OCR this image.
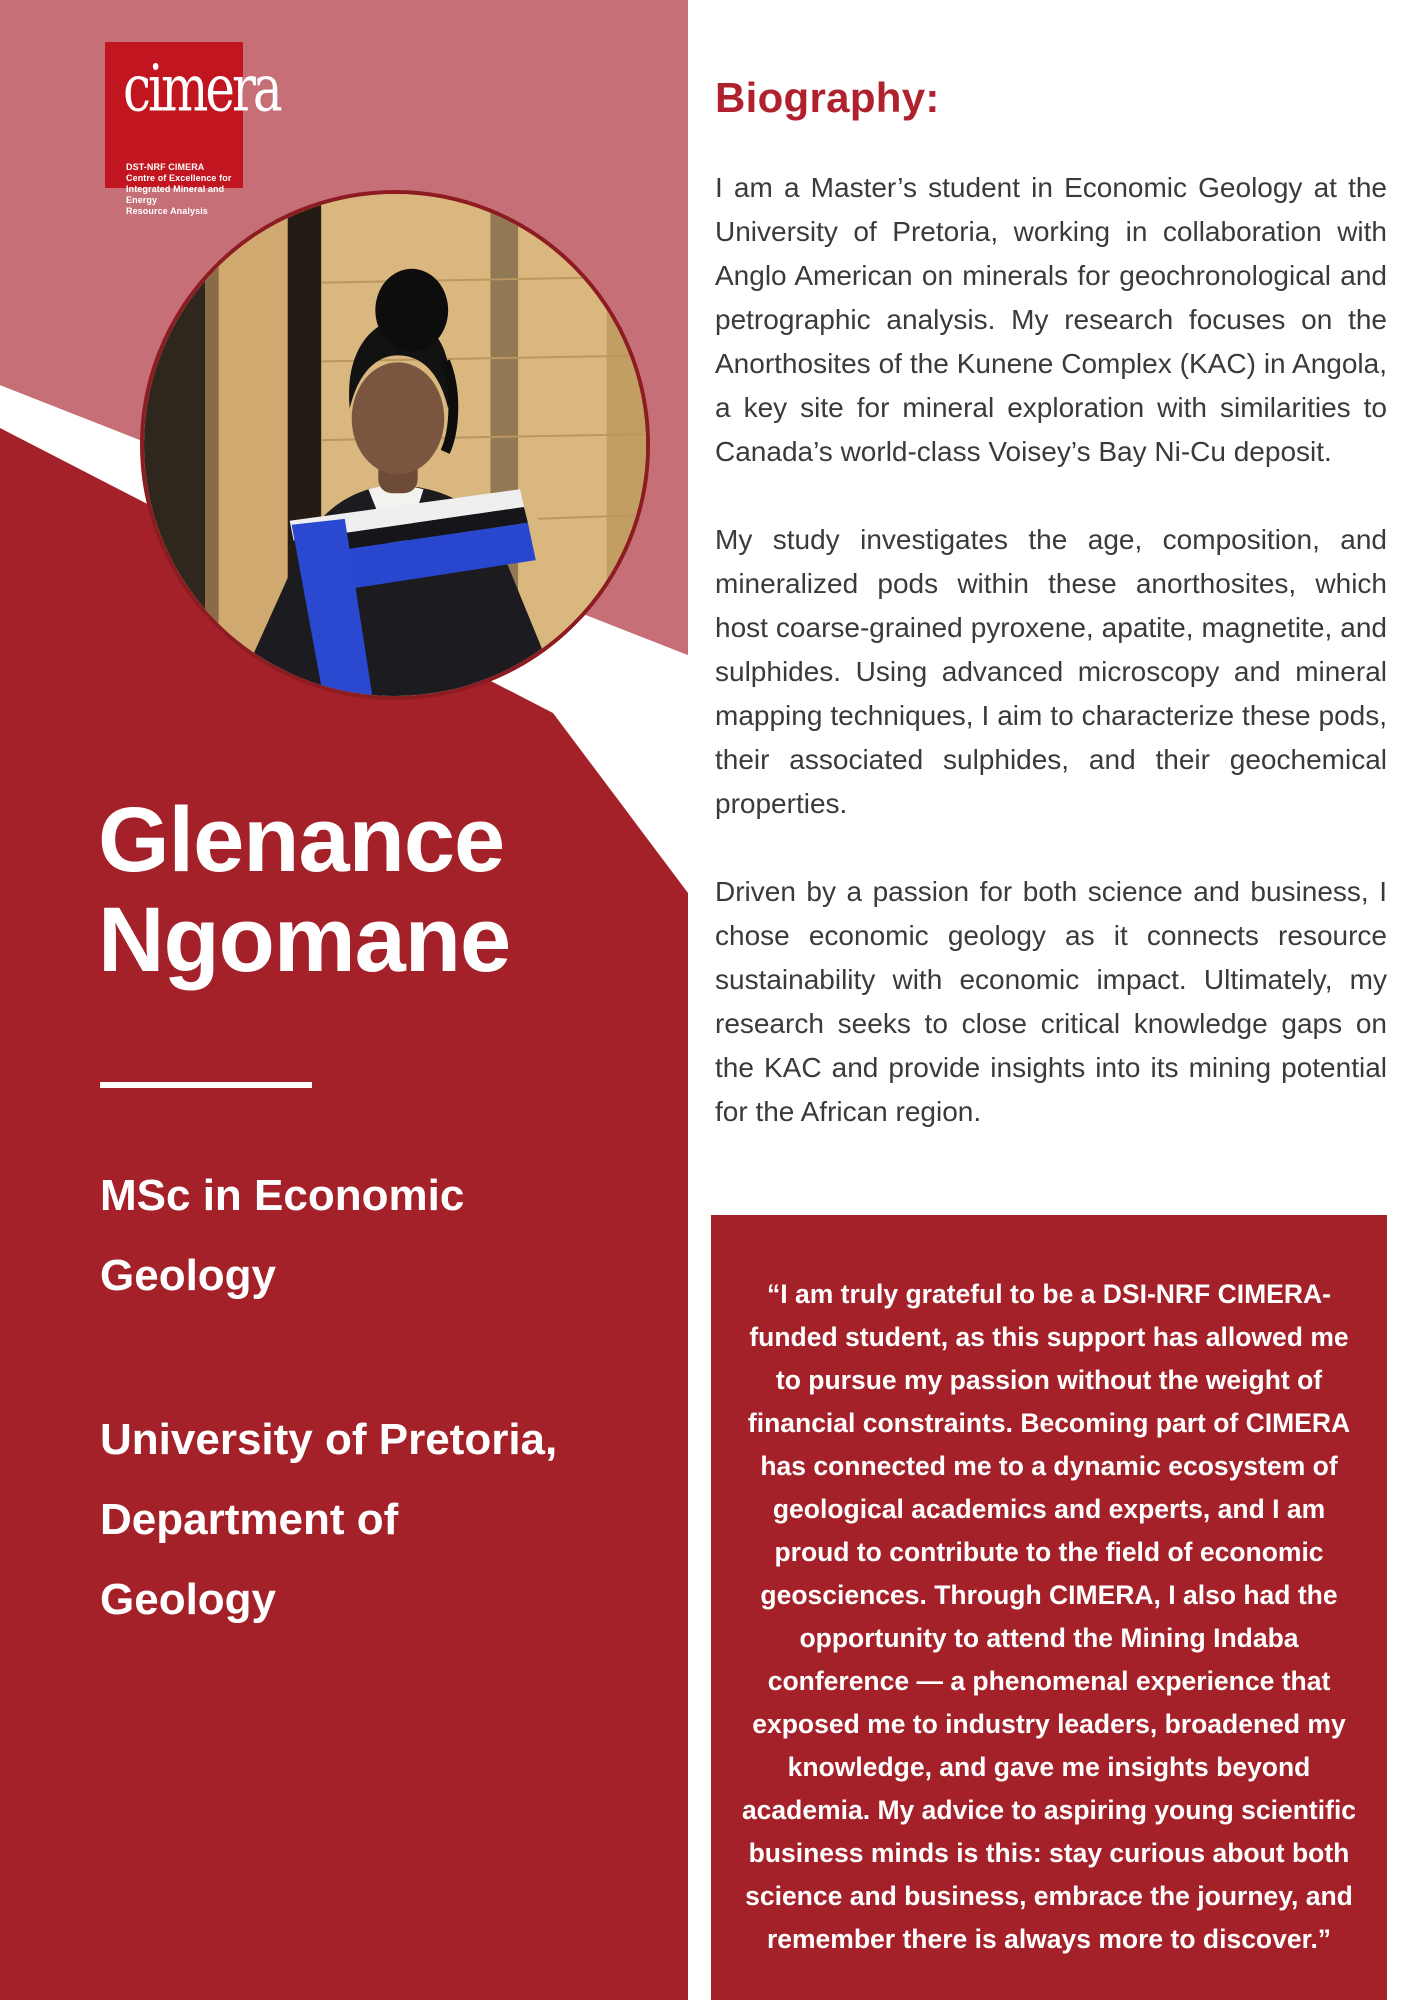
cimera
DST-NRF CIMERA
Centre of Excellence for
Integrated Mineral and Energy
Resource Analysis
Glenance
Ngomane
MSc in Economic
Geology
University of Pretoria,
Department of
Geology
Biography:

I am a Master’s student in Economic Geology at the University of Pretoria, working in collaboration with Anglo American on minerals for geochronological and petrographic analysis. My research focuses on the Anorthosites of the Kunene Complex (KAC) in Angola, a key site for mineral exploration with similarities to Canada’s world-class Voisey’s Bay Ni-Cu deposit.

My study investigates the age, composition, and mineralized pods within these anorthosites, which host coarse-grained pyroxene, apatite, magnetite, and sulphides. Using advanced microscopy and mineral mapping techniques, I aim to characterize these pods, their associated sulphides, and their geochemical properties.

Driven by a passion for both science and business, I chose economic geology as it connects resource sustainability with economic impact. Ultimately, my research seeks to close critical knowledge gaps on the KAC and provide insights into its mining potential for the African region.

“I am truly grateful to be a DSI-NRF CIMERA-funded student, as this support has allowed me to pursue my passion without the weight of financial constraints. Becoming part of CIMERA has connected me to a dynamic ecosystem of geological academics and experts, and I am proud to contribute to the field of economic geosciences. Through CIMERA, I also had the opportunity to attend the Mining Indaba conference — a phenomenal experience that exposed me to industry leaders, broadened my knowledge, and gave me insights beyond academia. My advice to aspiring young scientific business minds is this: stay curious about both science and business, embrace the journey, and remember there is always more to discover.”
